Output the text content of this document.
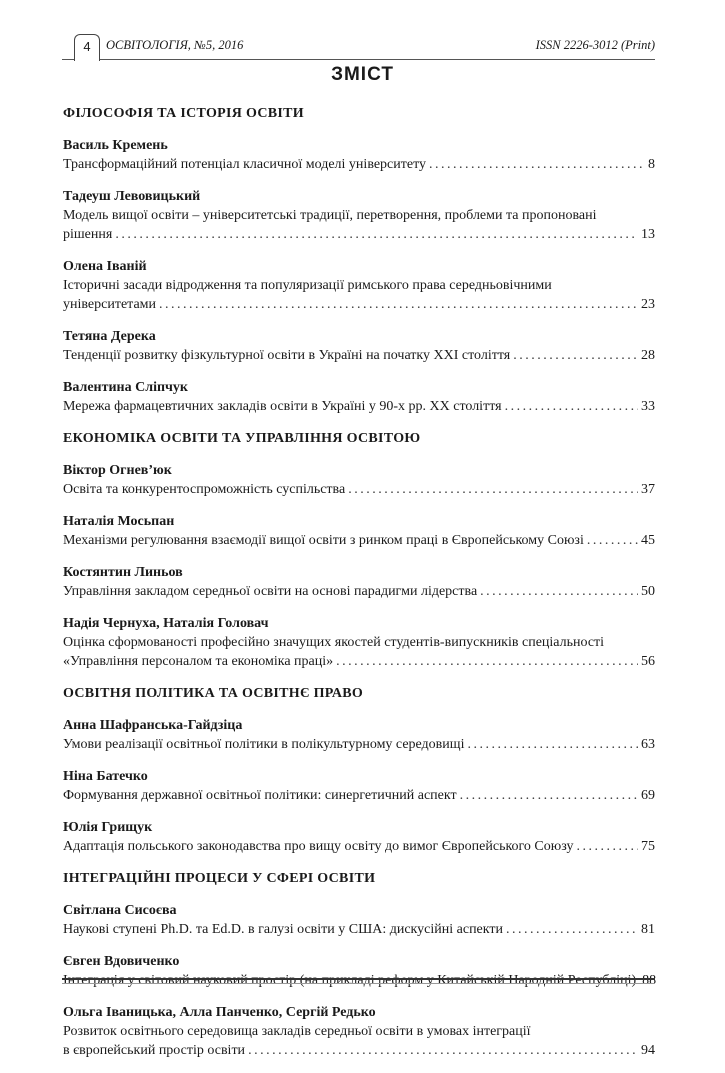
4	ОСВІТОЛОГІЯ, №5, 2016	ISSN 2226-3012 (Print)
ЗМІСТ
ФІЛОСОФІЯ ТА ІСТОРІЯ ОСВІТИ
Василь Кремень
Трансформаційний потенціал класичної моделі університету .....	8
Тадеуш Левовицький
Модель вищої освіти – університетські традиції, перетворення, проблеми та пропоновані
рішення .....	13
Олена Іваній
Історичні засади відродження та популяризації римського права середньовічними
університетами .....	23
Тетяна Дерека
Тенденції розвитку фізкультурної освіти в Україні на початку ХХІ століття .....	28
Валентина Сліпчук
Мережа фармацевтичних закладів освіти в Україні у 90-х рр. ХХ століття .....	33
ЕКОНОМІКА ОСВІТИ ТА УПРАВЛІННЯ ОСВІТОЮ
Віктор Огнев’юк
Освіта та конкурентоспроможність суспільства .....	37
Наталія Мосьпан
Механізми регулювання взаємодії вищої освіти з ринком праці в Європейському Союзі .....	45
Костянтин Линьов
Управління закладом середньої освіти на основі парадигми лідерства .....	50
Надія Чернуха, Наталія Головач
Оцінка сформованості професійно значущих якостей студентів-випускників спеціальності
«Управління персоналом та економіка праці» .....	56
ОСВІТНЯ ПОЛІТИКА ТА ОСВІТНЄ ПРАВО
Анна Шафранська-Гайдзіца
Умови реалізації освітньої політики в полікультурному середовищі .....	63
Ніна Батечко
Формування державної освітньої політики: синергетичний аспект .....	69
Юлія Грищук
Адаптація польського законодавства про вищу освіту до вимог Європейського Союзу .....	75
ІНТЕГРАЦІЙНІ ПРОЦЕСИ У СФЕРІ ОСВІТИ
Світлана Сисоєва
Наукові ступені Ph.D. та Ed.D. в галузі освіти у США: дискусійні аспекти .....	81
Євген Вдовиченко
Інтеграція у світовий науковий простір (на прикладі реформ у Китайській Народній Республіці) 88
Ольга Іваницька, Алла Панченко, Сергій Редько
Розвиток освітнього середовища закладів середньої освіти в умовах інтеграції
в європейський простір освіти .....	94
